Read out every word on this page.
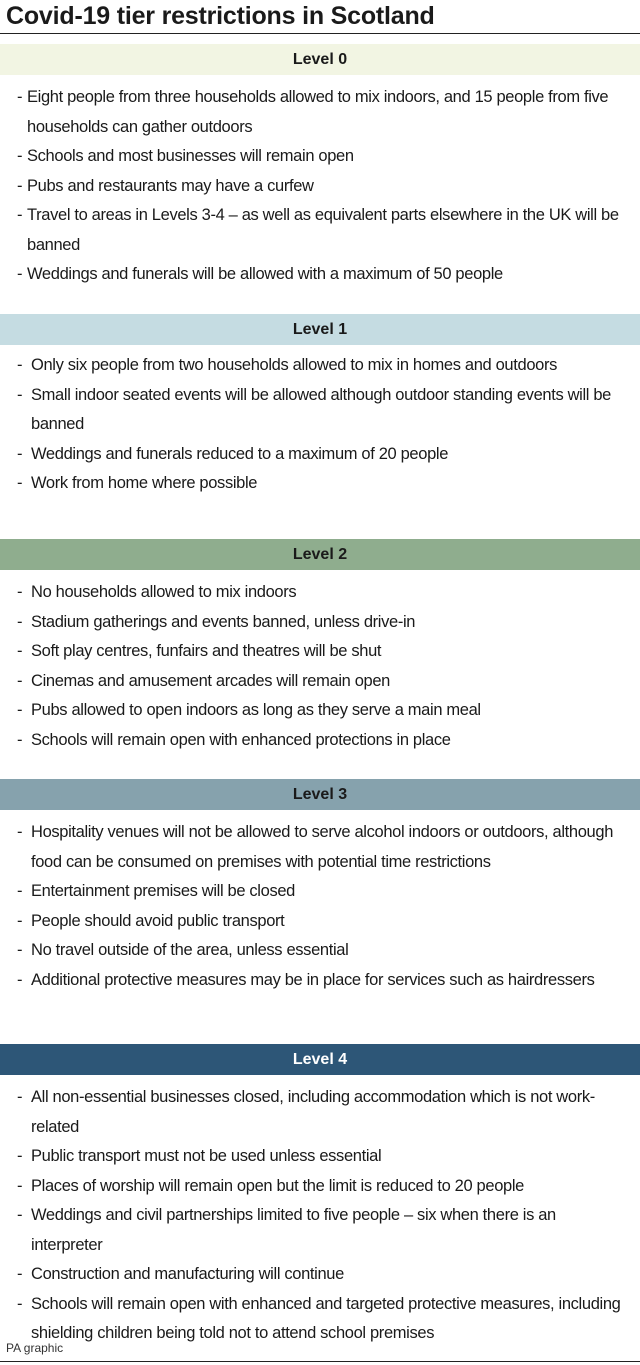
Covid-19 tier restrictions in Scotland
Level 0
- Eight people from three households allowed to mix indoors, and 15 people from five households can gather outdoors
- Schools and most businesses will remain open
- Pubs and restaurants may have a curfew
- Travel to areas in Levels 3-4 – as well as equivalent parts elsewhere in the UK will be banned
- Weddings and funerals will be allowed with a maximum of 50 people
Level 1
- Only six people from two households allowed to mix in homes and outdoors
- Small indoor seated events will be allowed although outdoor standing events will be banned
- Weddings and funerals reduced to a maximum of 20 people
- Work from home where possible
Level 2
- No households allowed to mix indoors
- Stadium gatherings and events banned, unless drive-in
- Soft play centres, funfairs and theatres will be shut
- Cinemas and amusement arcades will remain open
- Pubs allowed to open indoors as long as they serve a main meal
- Schools will remain open with enhanced protections in place
Level 3
- Hospitality venues will not be allowed to serve alcohol indoors or outdoors, although food can be consumed on premises with potential time restrictions
- Entertainment premises will be closed
- People should avoid public transport
- No travel outside of the area, unless essential
- Additional protective measures may be in place for services such as hairdressers
Level 4
- All non-essential businesses closed, including accommodation which is not work-related
- Public transport must not be used unless essential
- Places of worship will remain open but the limit is reduced to 20 people
- Weddings and civil partnerships limited to five people – six when there is an interpreter
- Construction and manufacturing will continue
- Schools will remain open with enhanced and targeted protective measures, including shielding children being told not to attend school premises
PA graphic
